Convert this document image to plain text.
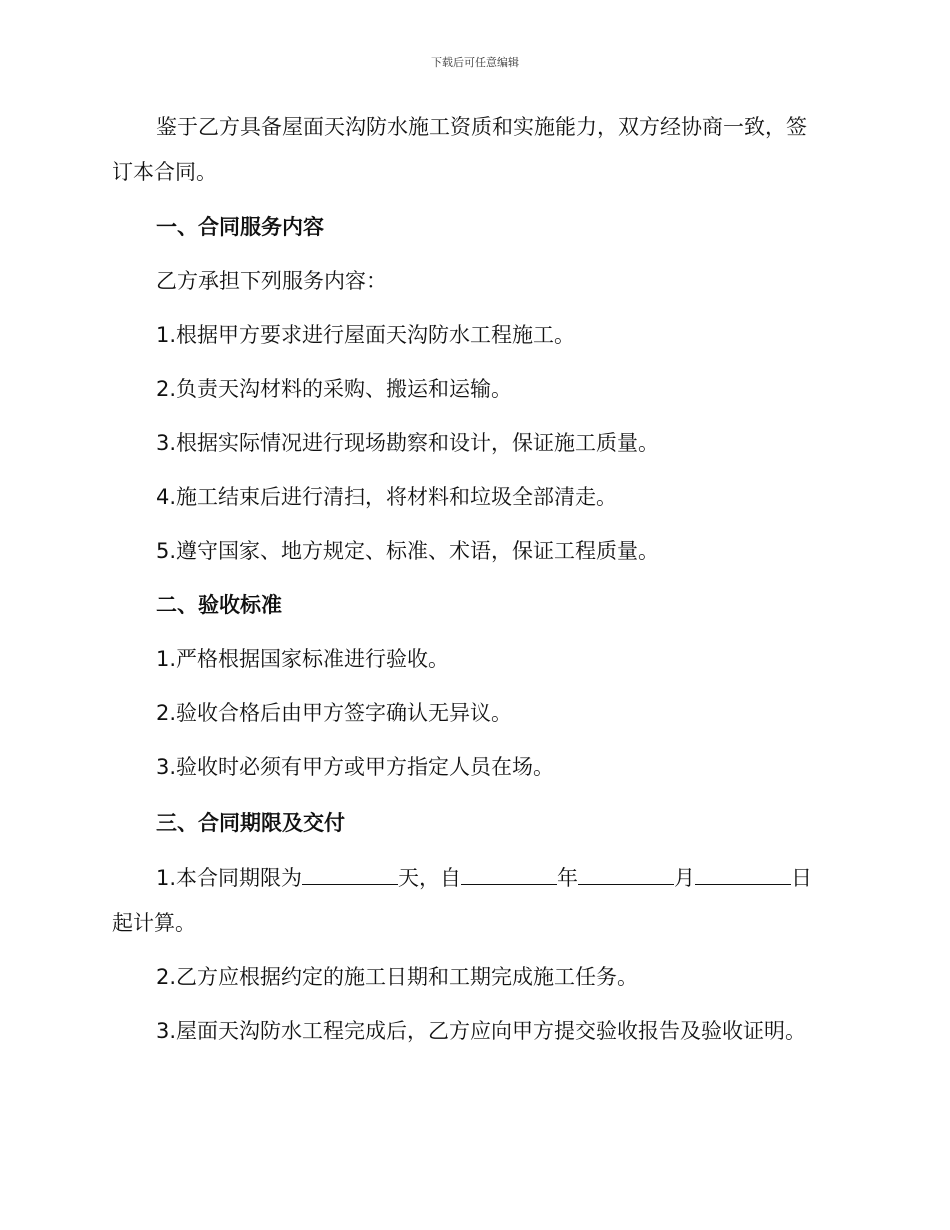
下载后可任意编辑
鉴于乙方具备屋面天沟防水施工资质和实施能力，双方经协商一致，签
订本合同。
一、合同服务内容
乙方承担下列服务内容：
1.根据甲方要求进行屋面天沟防水工程施工。
2.负责天沟材料的采购、搬运和运输。
3.根据实际情况进行现场勘察和设计，保证施工质量。
4.施工结束后进行清扫，将材料和垃圾全部清走。
5.遵守国家、地方规定、标准、术语，保证工程质量。
二、验收标准
1.严格根据国家标准进行验收。
2.验收合格后由甲方签字确认无异议。
3.验收时必须有甲方或甲方指定人员在场。
三、合同期限及交付
1.本合同期限为	天，自	年	月	日
起计算。
2.乙方应根据约定的施工日期和工期完成施工任务。
3.屋面天沟防水工程完成后，乙方应向甲方提交验收报告及验收证明。
